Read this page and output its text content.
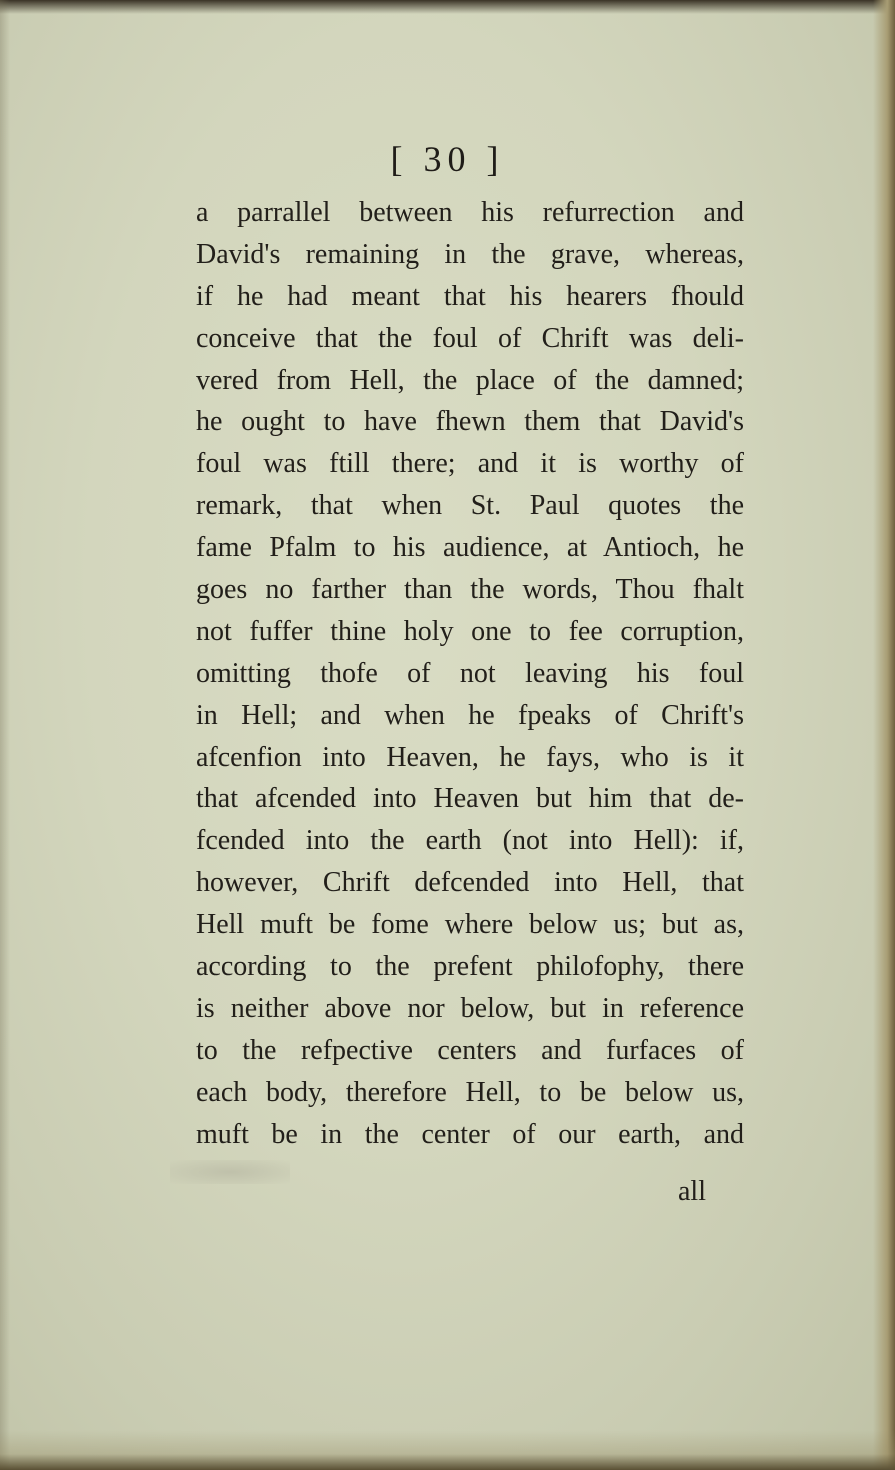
[ 30 ]
a parrallel between his refurrection and
David's remaining in the grave, whereas,
if he had meant that his hearers fhould
conceive that the foul of Chrift was deli-
vered from Hell, the place of the damned;
he ought to have fhewn them that David's
foul was ftill there; and it is worthy of
remark, that when St. Paul quotes the
fame Pfalm to his audience, at Antioch, he
goes no farther than the words, Thou fhalt
not fuffer thine holy one to fee corruption,
omitting thofe of not leaving his foul
in Hell; and when he fpeaks of Chrift's
afcenfion into Heaven, he fays, who is it
that afcended into Heaven but him that de-
fcended into the earth (not into Hell): if,
however, Chrift defcended into Hell, that
Hell muft be fome where below us; but as,
according to the prefent philofophy, there
is neither above nor below, but in reference
to the refpective centers and furfaces of
each body, therefore Hell, to be below us,
muft be in the center of our earth, and
all
